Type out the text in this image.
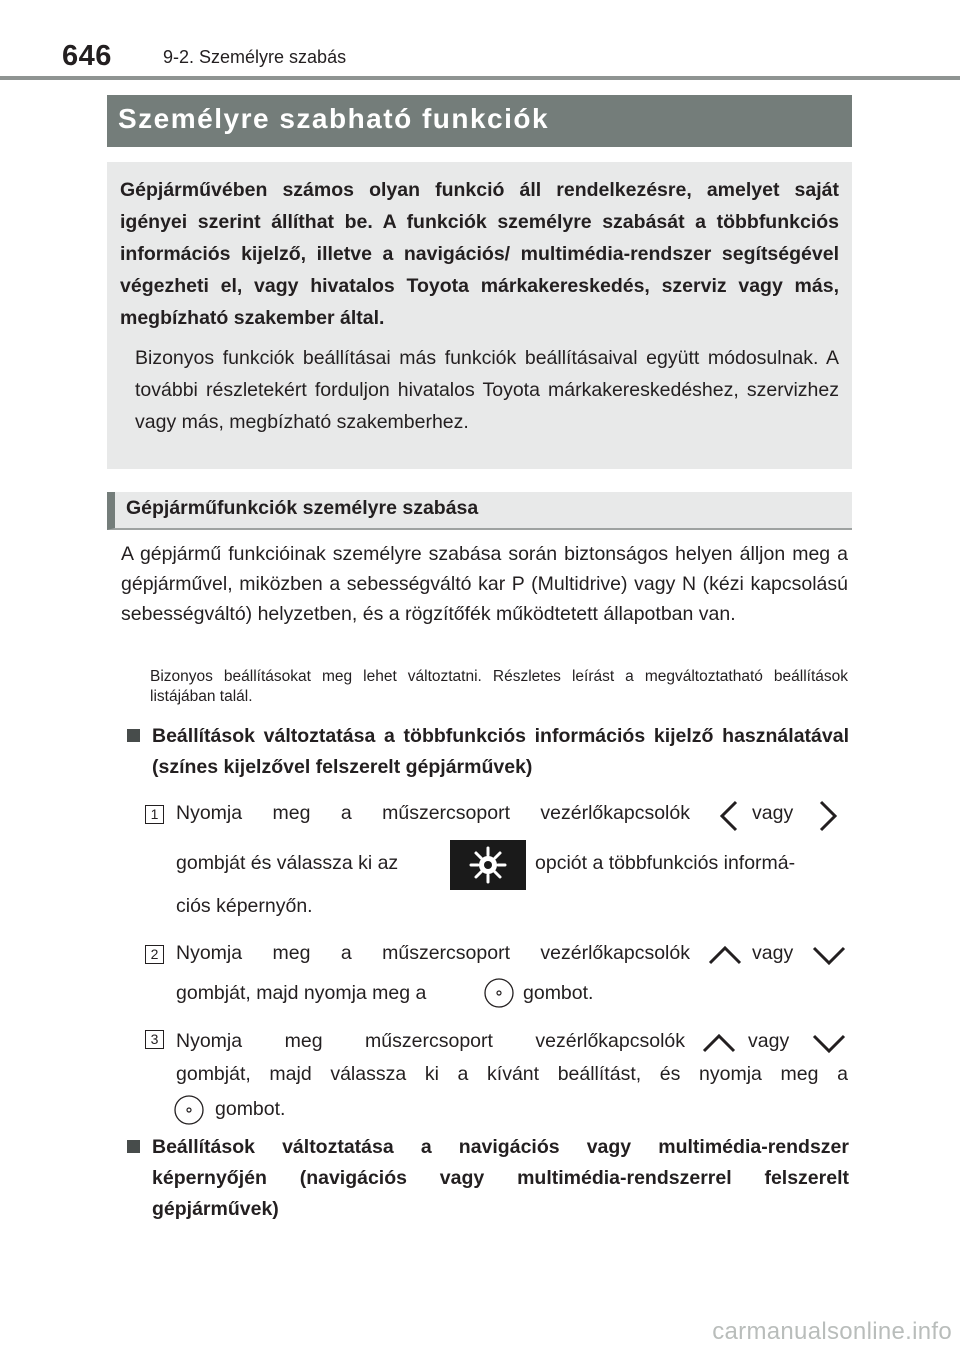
646	9-2. Személyre szabás
Személyre szabható funkciók
Gépjárművében számos olyan funkció áll rendelkezésre, amelyet saját igényei szerint állíthat be. A funkciók személyre szabását a többfunkciós információs kijelző, illetve a navigációs/ multimédia-rendszer segítségével végezheti el, vagy hivatalos Toyota márkakereskedés, szerviz vagy más, megbízható szakember által.
Bizonyos funkciók beállításai más funkciók beállításaival együtt módosulnak. A további részletekért forduljon hivatalos Toyota márkakereskedéshez, szervizhez vagy más, megbízható szakemberhez.
Gépjárműfunkciók személyre szabása
A gépjármű funkcióinak személyre szabása során biztonságos helyen álljon meg a gépjárművel, miközben a sebességváltó kar P (Multidrive) vagy N (kézi kapcsolású sebességváltó) helyzetben, és a rögzítőfék működtetett állapotban van.
Bizonyos beállításokat meg lehet változtatni. Részletes leírást a megváltoztatható beállítások listájában talál.
Beállítások változtatása a többfunkciós információs kijelző használatával (színes kijelzővel felszerelt gépjárművek)
1 Nyomja meg a műszercsoport vezérlőkapcsolók	vagy
gombját és válassza ki az	opciót a többfunkciós informá-
ciós képernyőn.
2 Nyomja meg a műszercsoport vezérlőkapcsolók	vagy
gombját, majd nyomja meg a	gombot.
3 Nyomja meg műszercsoport vezérlőkapcsolók	vagy
gombját, majd válassza ki a kívánt beállítást, és nyomja meg a
gombot.
Beállítások változtatása a navigációs vagy multimédia-rendszer képernyőjén (navigációs vagy multimédia-rendszerrel felszerelt gépjárművek)
carmanualsonline.info
